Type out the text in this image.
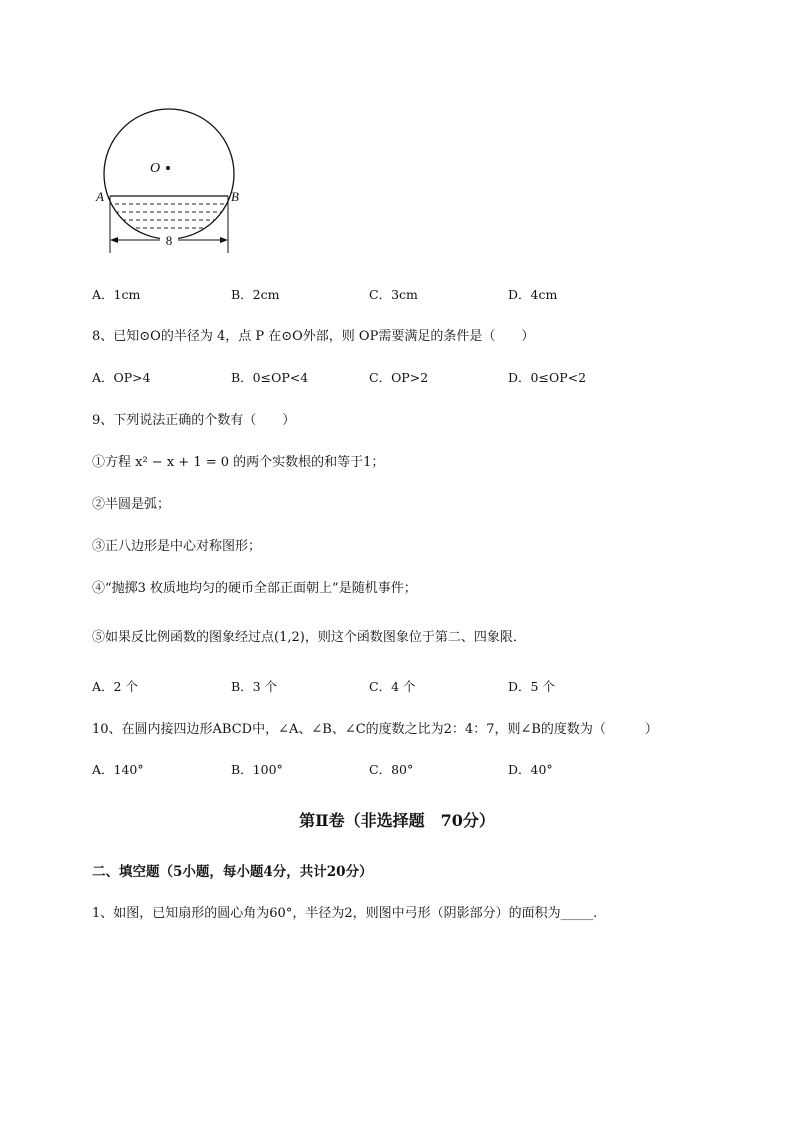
8
O
A	B
A．1cm	B．2cm	C．3cm	D．4cm
8、已知⊙O的半径为 4，点 P 在⊙O外部，则 OP需要满足的条件是（　　）
A．OP>4	B．0≤OP<4	C．OP>2	D．0≤OP<2
9、下列说法正确的个数有（　　）
①方程 x² − x + 1 = 0 的两个实数根的和等于1；
②半圆是弧；
③正八边形是中心对称图形；
④“抛掷3 枚质地均匀的硬币全部正面朝上”是随机事件；
⑤如果反比例函数的图象经过点(1,2)，则这个函数图象位于第二、四象限．
A．2 个	B．3 个	C．4 个	D．5 个
10、在圆内接四边形ABCD中，∠A、∠B、∠C的度数之比为2：4：7，则∠B的度数为（　　　）
A．140°	B．100°	C．80°	D．40°
第Ⅱ卷（非选择题　70分）
二、填空题（5小题，每小题4分，共计20分）
1、如图，已知扇形的圆心角为60°，半径为2，则图中弓形（阴影部分）的面积为_____.
